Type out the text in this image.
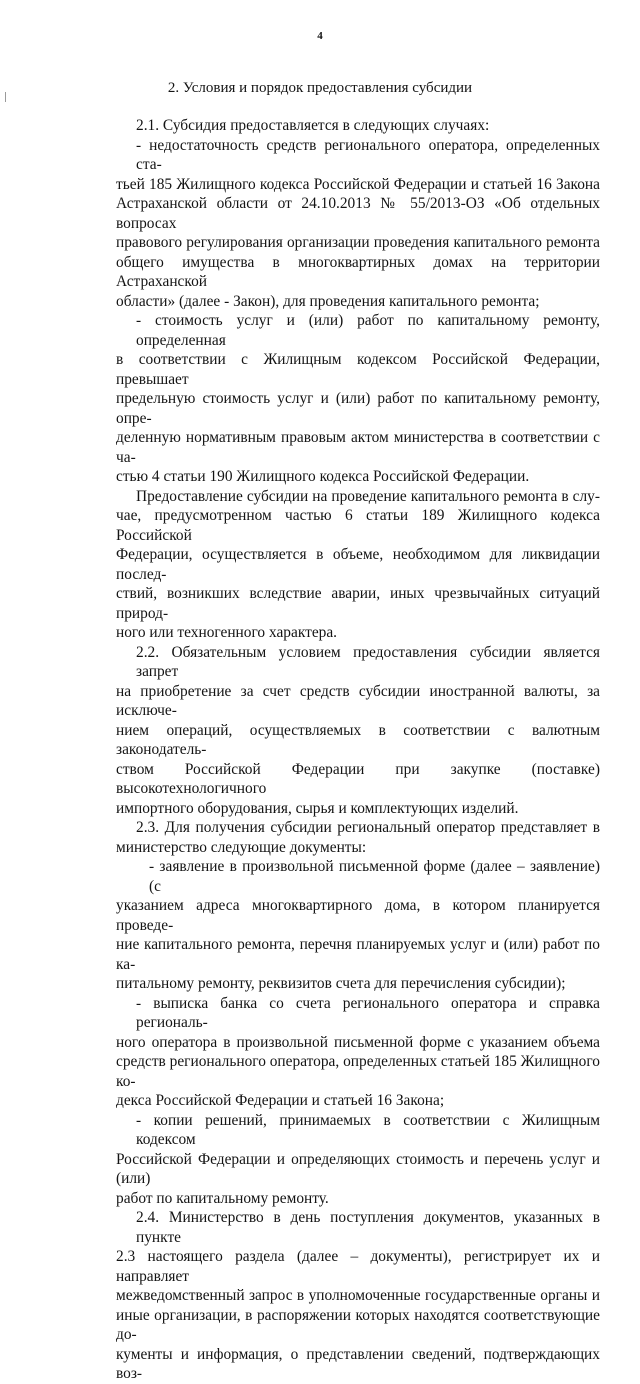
4
2. Условия и порядок предоставления субсидии
2.1. Субсидия предоставляется в следующих случаях:
- недостаточность средств регионального оператора, определенных ста-
тьей 185 Жилищного кодекса Российской Федерации и статьей 16 Закона
Астраханской области от 24.10.2013 № 55/2013-ОЗ «Об отдельных вопросах
правового регулирования организации проведения капитального ремонта
общего имущества в многоквартирных домах на территории Астраханской
области» (далее - Закон), для проведения капитального ремонта;
- стоимость услуг и (или) работ по капитальному ремонту, определенная
в соответствии с Жилищным кодексом Российской Федерации, превышает
предельную стоимость услуг и (или) работ по капитальному ремонту, опре-
деленную нормативным правовым актом министерства в соответствии с ча-
стью 4 статьи 190 Жилищного кодекса Российской Федерации.
Предоставление субсидии на проведение капитального ремонта в слу-
чае, предусмотренном частью 6 статьи 189 Жилищного кодекса Российской
Федерации, осуществляется в объеме, необходимом для ликвидации послед-
ствий, возникших вследствие аварии, иных чрезвычайных ситуаций природ-
ного или техногенного характера.
2.2. Обязательным условием предоставления субсидии является запрет
на приобретение за счет средств субсидии иностранной валюты, за исключе-
нием операций, осуществляемых в соответствии с валютным законодатель-
ством Российской Федерации при закупке (поставке) высокотехнологичного
импортного оборудования, сырья и комплектующих изделий.
2.3. Для получения субсидии региональный оператор представляет в
министерство следующие документы:
- заявление в произвольной письменной форме (далее – заявление) (с
указанием адреса многоквартирного дома, в котором планируется проведе-
ние капитального ремонта, перечня планируемых услуг и (или) работ по ка-
питальному ремонту, реквизитов счета для перечисления субсидии);
- выписка банка со счета регионального оператора и справка региональ-
ного оператора в произвольной письменной форме с указанием объема
средств регионального оператора, определенных статьей 185 Жилищного ко-
декса Российской Федерации и статьей 16 Закона;
- копии решений, принимаемых в соответствии с Жилищным кодексом
Российской Федерации и определяющих стоимость и перечень услуг и (или)
работ по капитальному ремонту.
2.4. Министерство в день поступления документов, указанных в пункте
2.3 настоящего раздела (далее – документы), регистрирует их и направляет
межведомственный запрос в уполномоченные государственные органы и
иные организации, в распоряжении которых находятся соответствующие до-
кументы и информация, о представлении сведений, подтверждающих воз-
